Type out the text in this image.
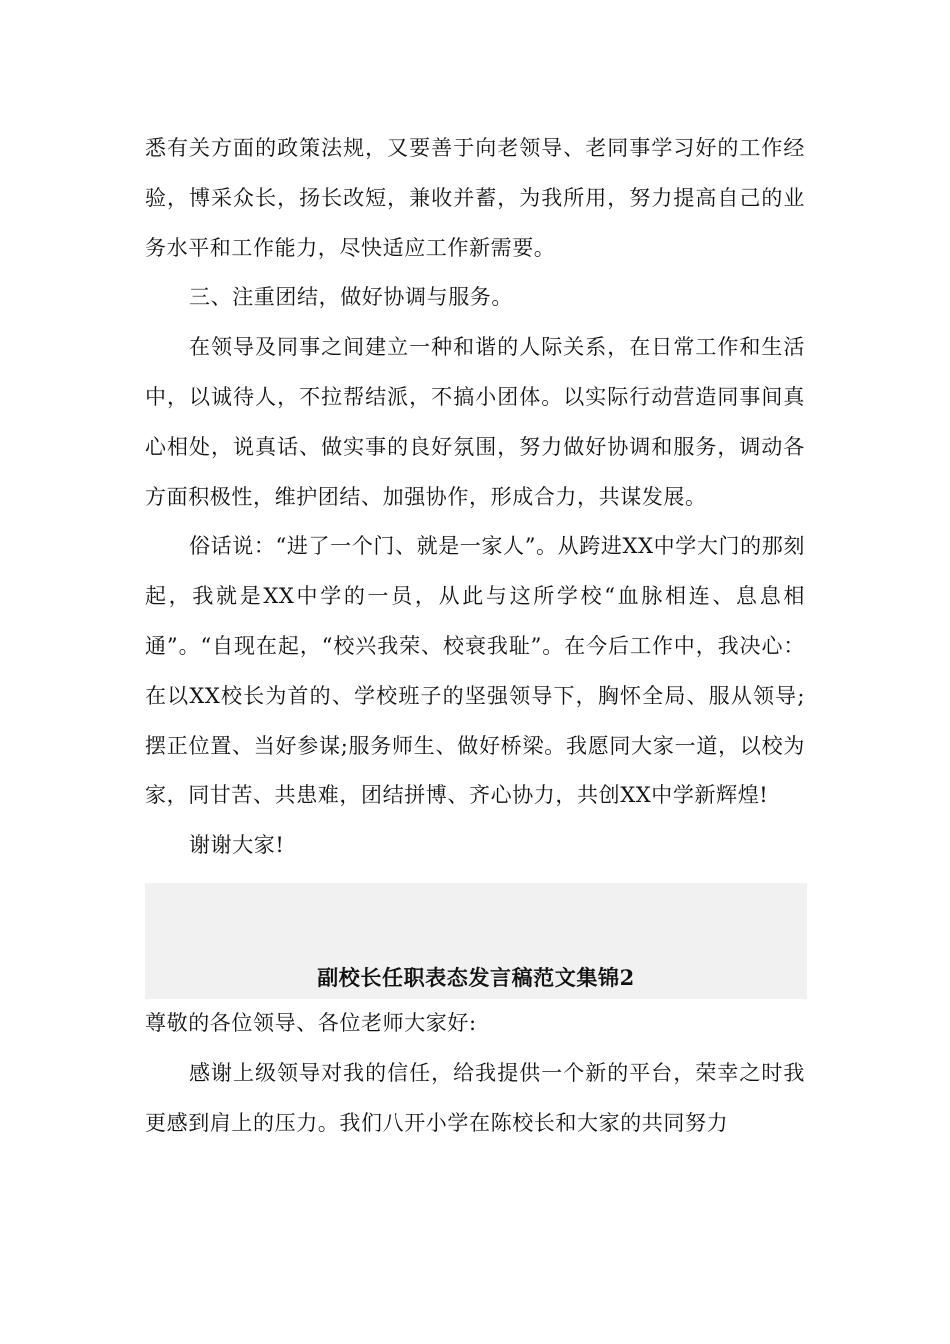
悉有关方面的政策法规，又要善于向老领导、老同事学习好的工作经验，博采众长，扬长改短，兼收并蓄，为我所用，努力提高自己的业务水平和工作能力，尽快适应工作新需要。

三、注重团结，做好协调与服务。

在领导及同事之间建立一种和谐的人际关系，在日常工作和生活中，以诚待人，不拉帮结派，不搞小团体。以实际行动营造同事间真心相处，说真话、做实事的良好氛围，努力做好协调和服务，调动各方面积极性，维护团结、加强协作，形成合力，共谋发展。

俗话说：“进了一个门、就是一家人”。从跨进XX中学大门的那刻起，我就是XX中学的一员，从此与这所学校“血脉相连、息息相通”。“自现在起，“校兴我荣、校衰我耻”。在今后工作中，我决心：在以XX校长为首的、学校班子的坚强领导下，胸怀全局、服从领导;摆正位置、当好参谋;服务师生、做好桥梁。我愿同大家一道，以校为家，同甘苦、共患难，团结拼博、齐心协力，共创XX中学新辉煌!

谢谢大家!

副校长任职表态发言稿范文集锦2

尊敬的各位领导、各位老师大家好:

感谢上级领导对我的信任，给我提供一个新的平台，荣幸之时我更感到肩上的压力。我们八开小学在陈校长和大家的共同努力
